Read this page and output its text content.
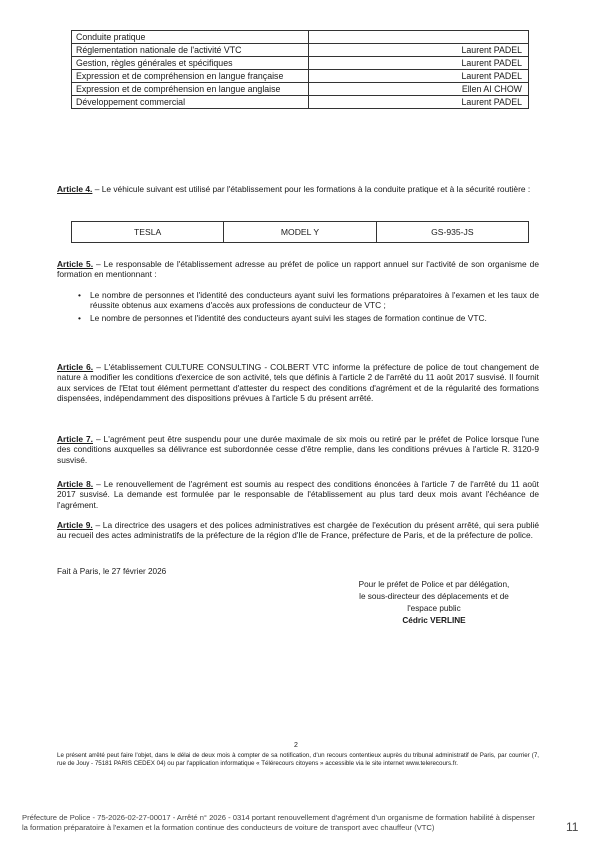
Conduite pratique	
Réglementation nationale de l'activité VTC	Laurent PADEL
Gestion, règles générales et spécifiques	Laurent PADEL
Expression et de compréhension en langue française	Laurent PADEL
Expression et de compréhension en langue anglaise	Ellen AI CHOW
Développement commercial	Laurent PADEL

Article 4. – Le véhicule suivant est utilisé par l'établissement pour les formations à la conduite pratique et à la sécurité routière :

TESLA	MODEL Y	GS-935-JS

Article 5. – Le responsable de l'établissement adresse au préfet de police un rapport annuel sur l'activité de son organisme de formation en mentionnant :

• Le nombre de personnes et l'identité des conducteurs ayant suivi les formations préparatoires à l'examen et les taux de réussite obtenus aux examens d'accès aux professions de conducteur de VTC ;
• Le nombre de personnes et l'identité des conducteurs ayant suivi les stages de formation continue de VTC.

Article 6. – L'établissement CULTURE CONSULTING - COLBERT VTC informe la préfecture de police de tout changement de nature à modifier les conditions d'exercice de son activité, tels que définis à l'article 2 de l'arrêté du 11 août 2017 susvisé. Il fournit aux services de l'Etat tout élément permettant d'attester du respect des conditions d'agrément et de la régularité des formations dispensées, indépendamment des dispositions prévues à l'article 5 du présent arrêté.

Article 7. – L'agrément peut être suspendu pour une durée maximale de six mois ou retiré par le préfet de Police lorsque l'une des conditions auxquelles sa délivrance est subordonnée cesse d'être remplie, dans les conditions prévues à l'article R. 3120-9 susvisé.

Article 8. – Le renouvellement de l'agrément est soumis au respect des conditions énoncées à l'article 7 de l'arrêté du 11 août 2017 susvisé. La demande est formulée par le responsable de l'établissement au plus tard deux mois avant l'échéance de l'agrément.

Article 9. – La directrice des usagers et des polices administratives est chargée de l'exécution du présent arrêté, qui sera publié au recueil des actes administratifs de la préfecture de la région d'Ile de France, préfecture de Paris, et de la préfecture de police.

Fait à Paris, le 27 février 2026
Pour le préfet de Police et par délégation,
le sous-directeur des déplacements et de
l'espace public
Cédric VERLINE
2
Le présent arrêté peut faire l'objet, dans le délai de deux mois à compter de sa notification, d'un recours contentieux auprès du tribunal administratif de Paris, par courrier (7, rue de Jouy - 75181 PARIS CEDEX 04) ou par l'application informatique « Télérecours citoyens » accessible via le site internet www.telerecours.fr.
Préfecture de Police - 75-2026-02-27-00017 - Arrêté n° 2026 - 0314 portant renouvellement d'agrément d'un organisme de formation habilité à dispenser la formation préparatoire à l'examen et la formation continue des conducteurs de voiture de transport avec chauffeur (VTC)	11
